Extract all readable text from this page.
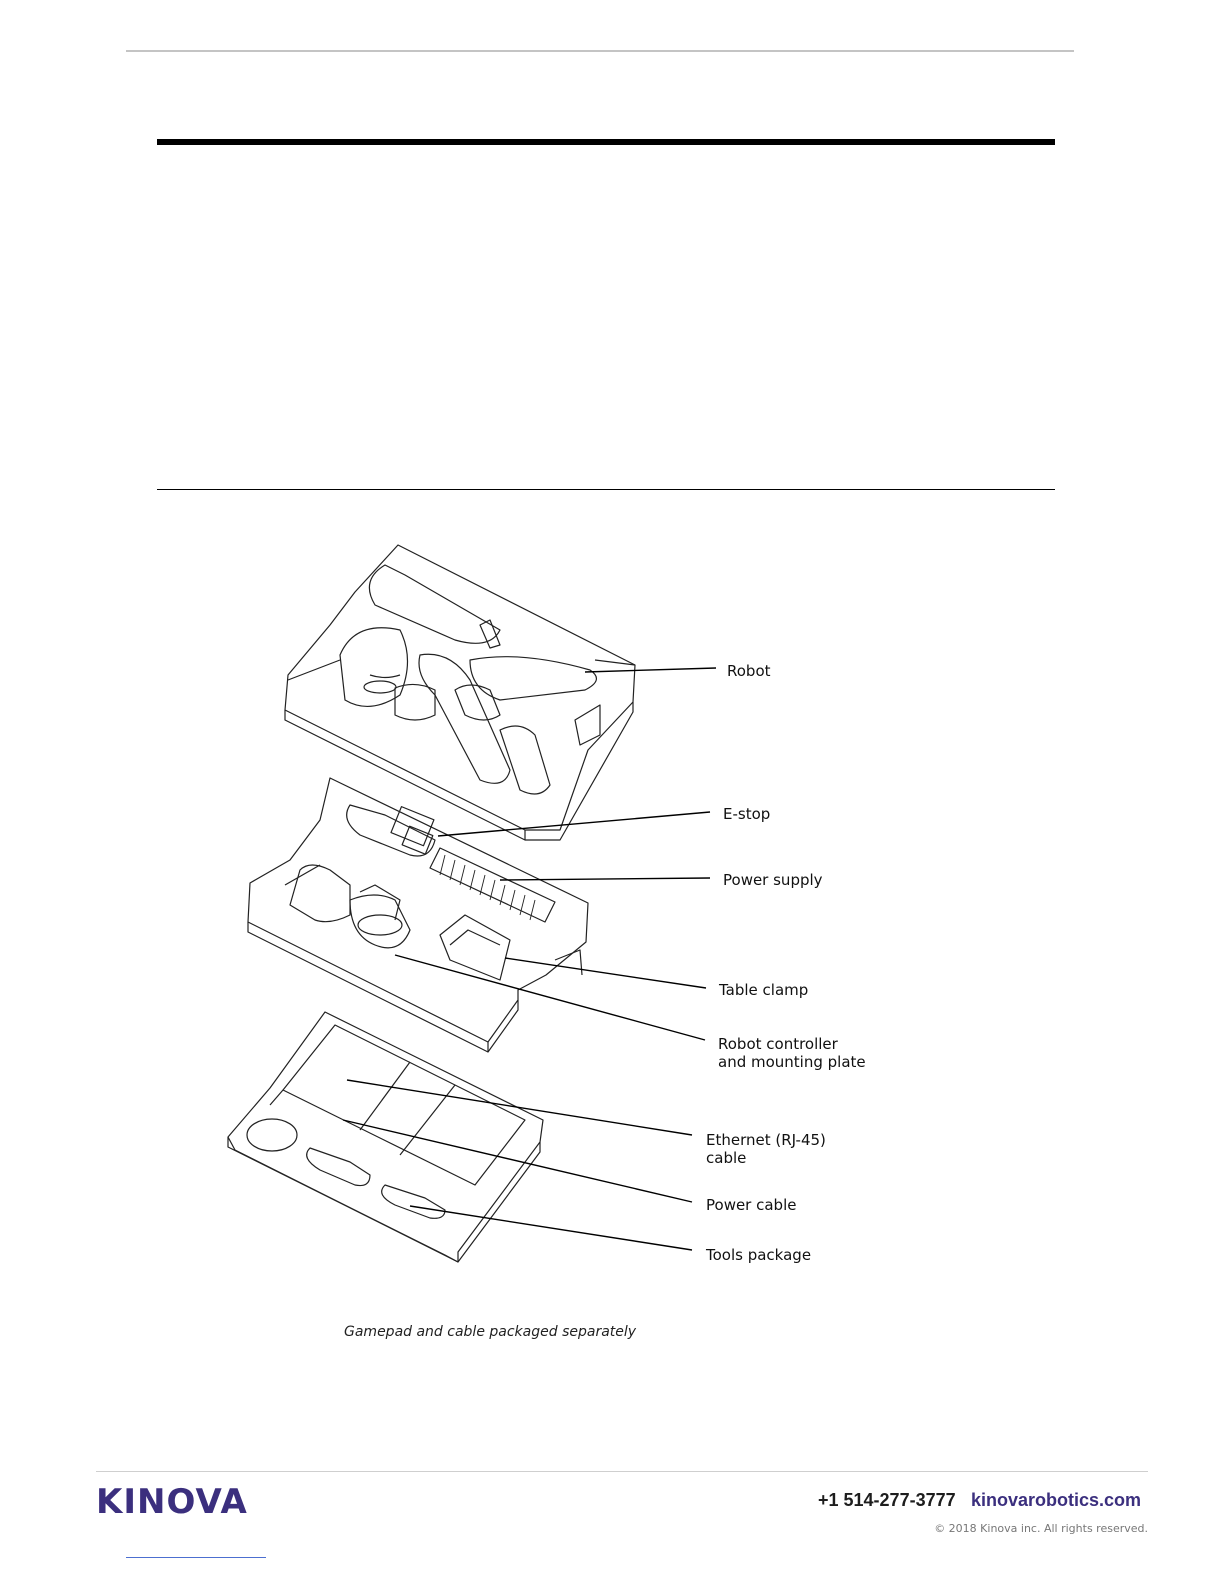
Robot
E-stop
Power supply
Table clamp
Robot controller
and mounting plate
Ethernet (RJ-45)
cable
Power cable
Tools package
Gamepad and cable packaged separately
KINOVA	+1 514-277-3777 kinovarobotics.com
© 2018 Kinova inc. All rights reserved.
